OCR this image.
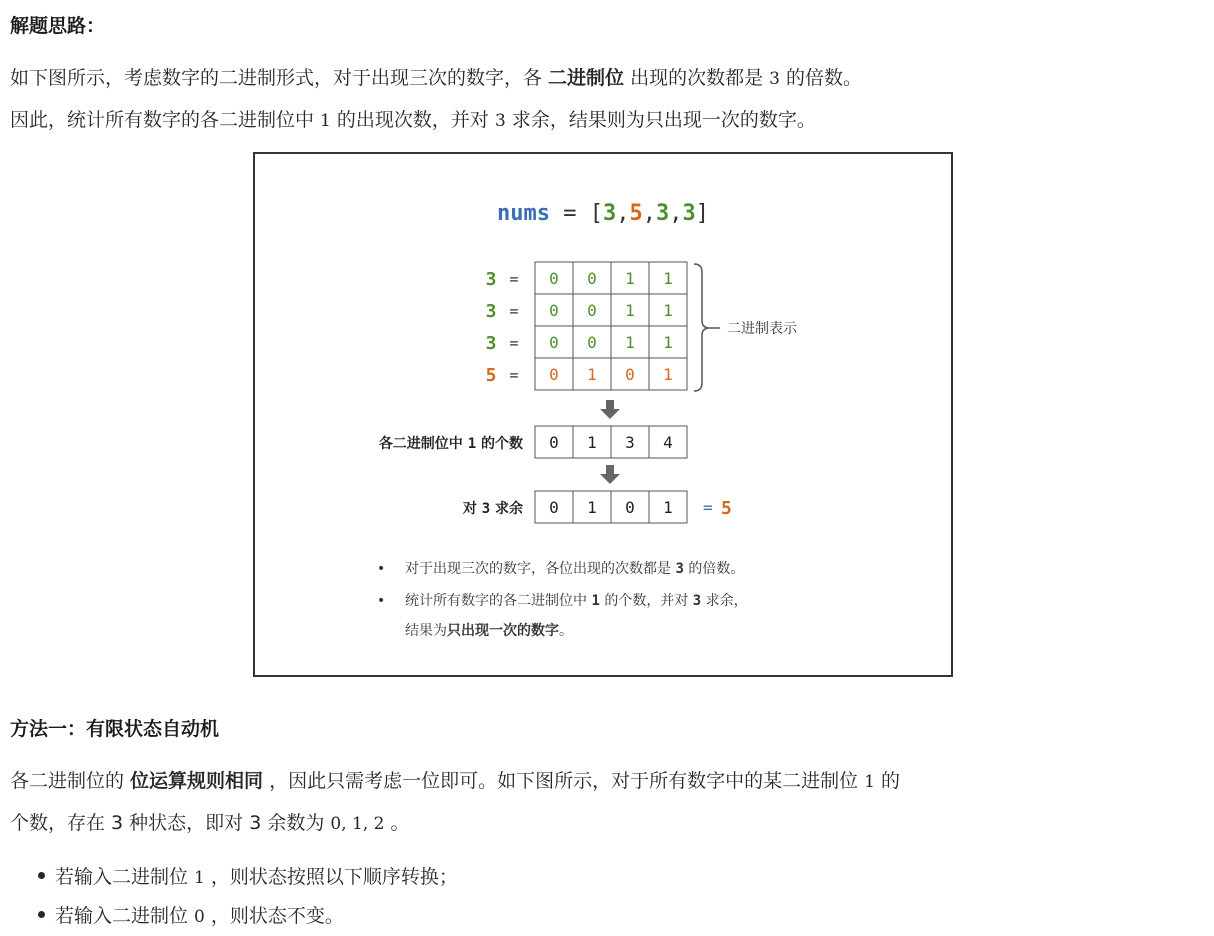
解题思路：

如下图所示，考虑数字的二进制形式，对于出现三次的数字，各 二进制位 出现的次数都是 3 的倍数。

因此，统计所有数字的各二进制位中 1 的出现次数，并对 3 求余，结果则为只出现一次的数字。

nums = [3,5,3,3]
3 = 0 0 1 1
3 = 0 0 1 1
3 = 0 0 1 1
5 = 0 1 0 1
二进制表示
各二进制位中 1 的个数 0 1 3 4
对 3 求余 0 1 0 1 = 5
• 对于出现三次的数字，各位出现的次数都是 3 的倍数。
• 统计所有数字的各二进制位中 1 的个数，并对 3 求余，
结果为只出现一次的数字。
方法一：有限状态自动机

各二进制位的 位运算规则相同 ，因此只需考虑一位即可。如下图所示，对于所有数字中的某二进制位 1 的

个数，存在 3 种状态，即对 3 余数为 0, 1, 2 。

若输入二进制位 1 ，则状态按照以下顺序转换；
若输入二进制位 0 ，则状态不变。
